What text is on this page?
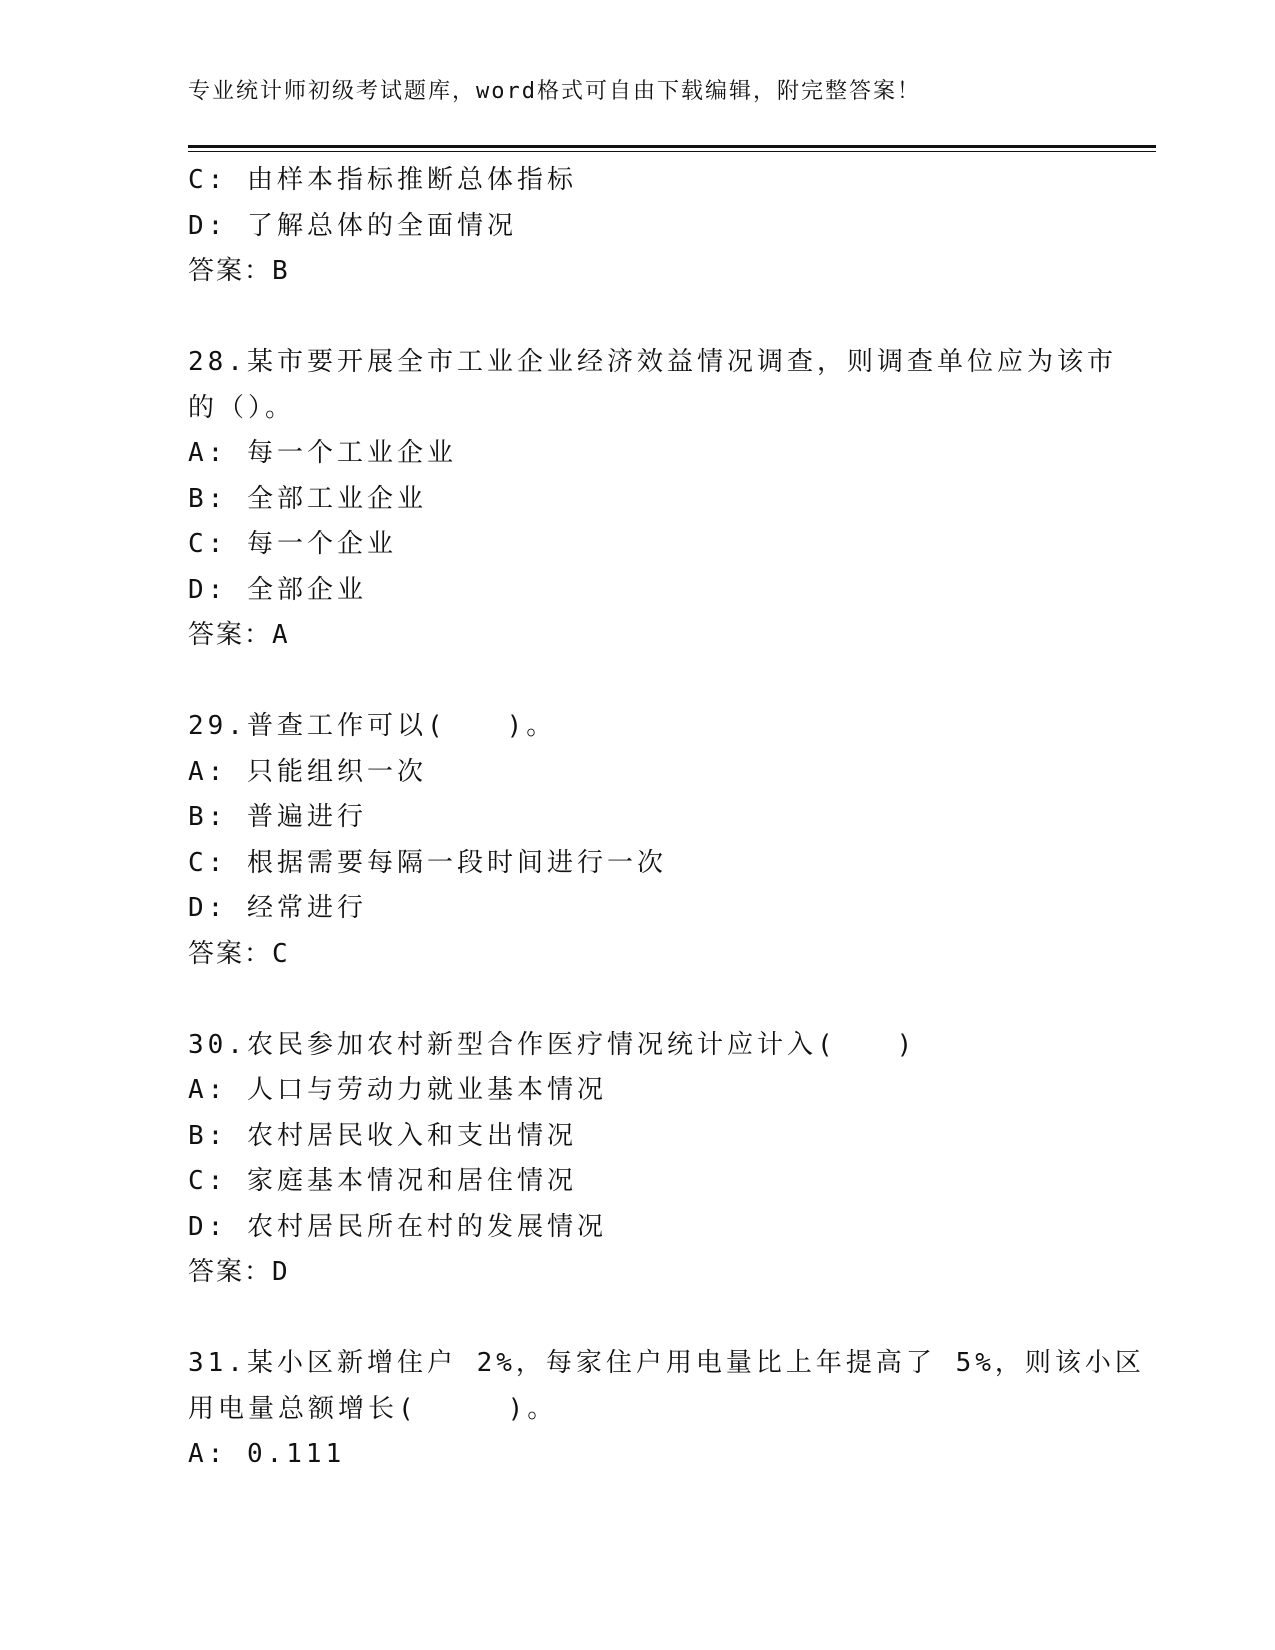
专业统计师初级考试题库，word格式可自由下载编辑，附完整答案！
C: 由样本指标推断总体指标
D: 了解总体的全面情况
答案：B
28.某市要开展全市工业企业经济效益情况调查，则调查单位应为该市
的（）。
A: 每一个工业企业
B: 全部工业企业
C: 每一个企业
D: 全部企业
答案：A
29.普查工作可以(　　)。
A: 只能组织一次
B: 普遍进行
C: 根据需要每隔一段时间进行一次
D: 经常进行
答案：C
30.农民参加农村新型合作医疗情况统计应计入(　　)
A: 人口与劳动力就业基本情况
B: 农村居民收入和支出情况
C: 家庭基本情况和居住情况
D: 农村居民所在村的发展情况
答案：D
31.某小区新增住户 2%，每家住户用电量比上年提高了 5%，则该小区
用电量总额增长(　　　)。
A: 0.111
